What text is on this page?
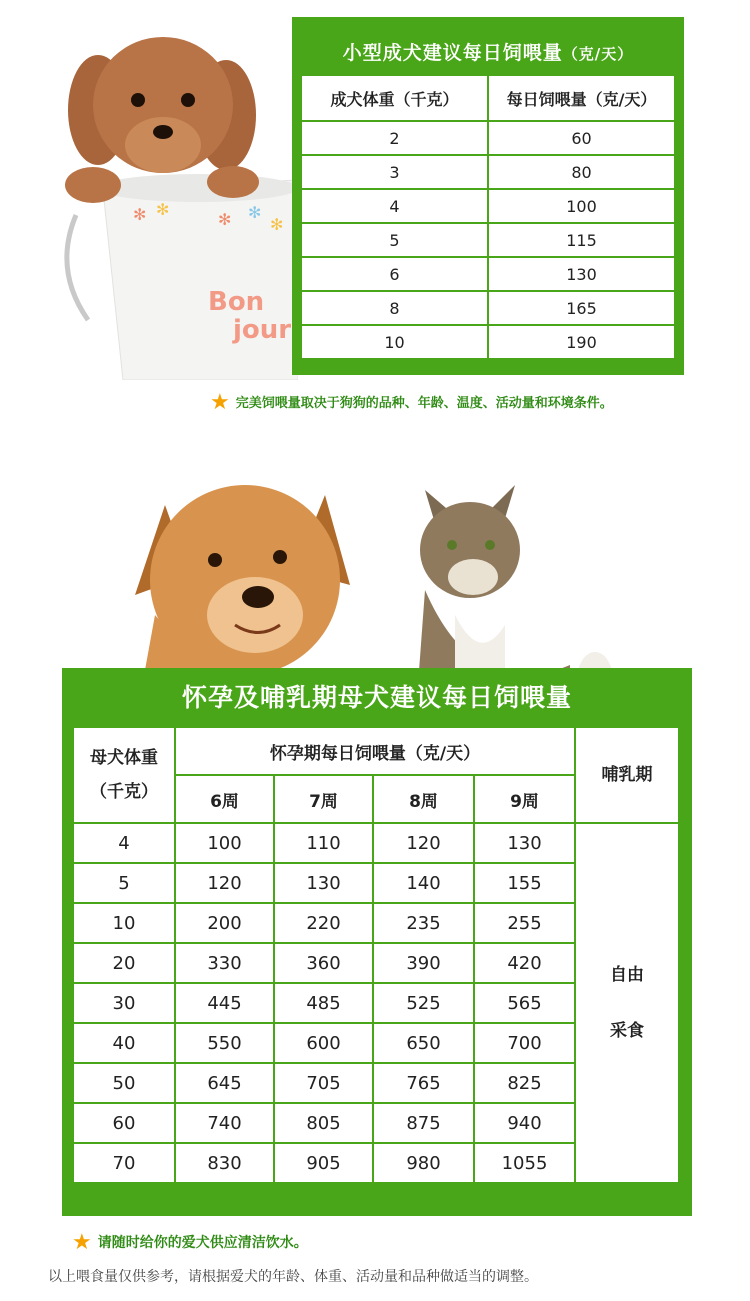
✻ ✻
✻ ✻
✻
Bon
jour
小型成犬建议每日饲喂量（克/天）
成犬体重（千克）	每日饲喂量（克/天）
2	60
3	80
4	100
5	115
6	130
8	165
10	190
★ 完美饲喂量取决于狗狗的品种、年龄、温度、活动量和环境条件。
怀孕及哺乳期母犬建议每日饲喂量
母犬体重
（千克）	怀孕期每日饲喂量（克/天）				哺乳期
	6周	7周	8周	9周	
4	100	110	120	130	自由
采食

5	120	130	140	155	
10	200	220	235	255	
20	330	360	390	420	
30	445	485	525	565	
40	550	600	650	700	
50	645	705	765	825	
60	740	805	875	940	
70	830	905	980	1055	
★ 请随时给你的爱犬供应清洁饮水。
以上喂食量仅供参考，请根据爱犬的年龄、体重、活动量和品种做适当的调整。
